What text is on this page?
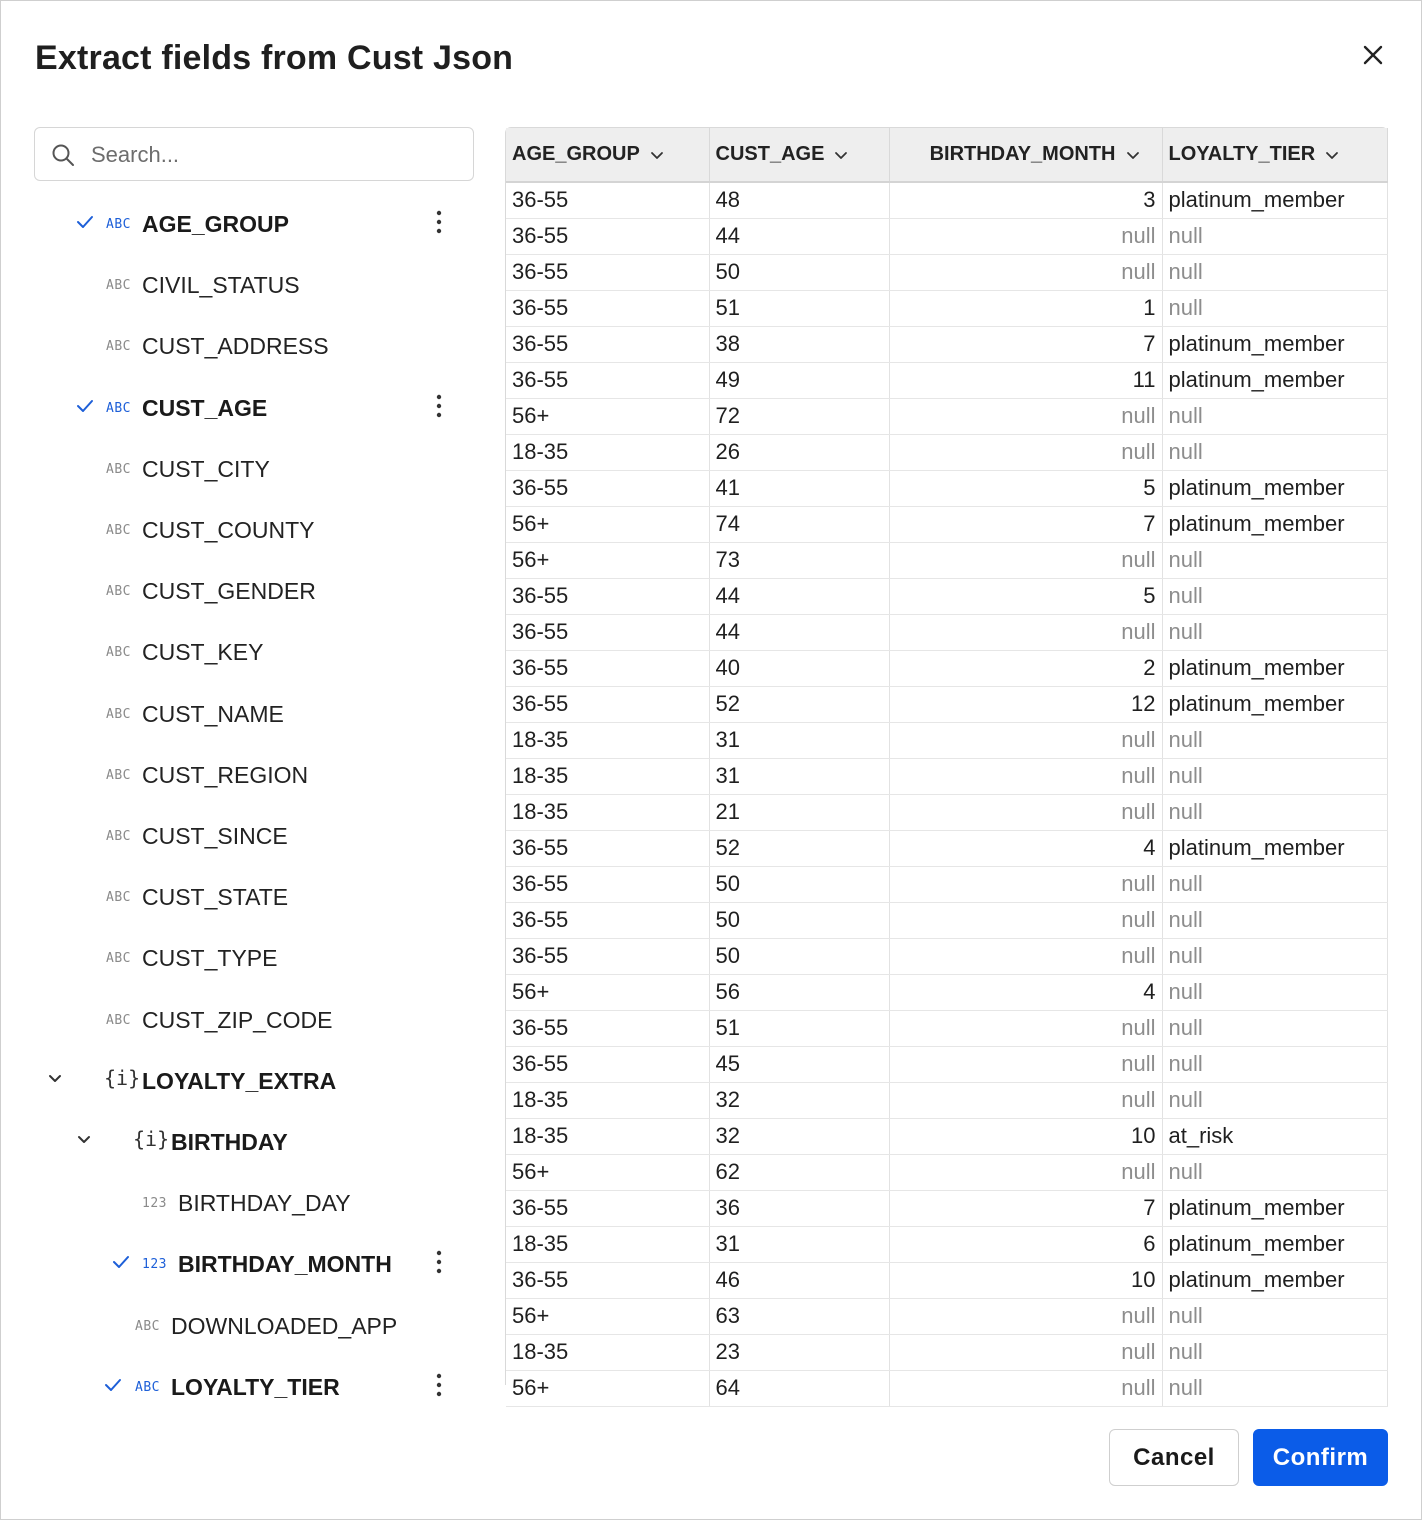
Extract fields from Cust Json
Search...
ABC AGE_GROUP
ABC CIVIL_STATUS
ABC CUST_ADDRESS
ABC CUST_AGE
ABC CUST_CITY
ABC CUST_COUNTY
ABC CUST_GENDER
ABC CUST_KEY
ABC CUST_NAME
ABC CUST_REGION
ABC CUST_SINCE
ABC CUST_STATE
ABC CUST_TYPE
ABC CUST_ZIP_CODE
{i} LOYALTY_EXTRA
{i} BIRTHDAY
123 BIRTHDAY_DAY
123 BIRTHDAY_MONTH
ABC DOWNLOADED_APP
ABC LOYALTY_TIER
AGE_GROUP	CUST_AGE	BIRTHDAY_MONTH	LOYALTY_TIER
36-55	48	3	platinum_member
36-55	44	null	null
36-55	50	null	null
36-55	51	1	null
36-55	38	7	platinum_member
36-55	49	11	platinum_member
56+	72	null	null
18-35	26	null	null
36-55	41	5	platinum_member
56+	74	7	platinum_member
56+	73	null	null
36-55	44	5	null
36-55	44	null	null
36-55	40	2	platinum_member
36-55	52	12	platinum_member
18-35	31	null	null
18-35	31	null	null
18-35	21	null	null
36-55	52	4	platinum_member
36-55	50	null	null
36-55	50	null	null
36-55	50	null	null
56+	56	4	null
36-55	51	null	null
36-55	45	null	null
18-35	32	null	null
18-35	32	10	at_risk
56+	62	null	null
36-55	36	7	platinum_member
18-35	31	6	platinum_member
36-55	46	10	platinum_member
56+	63	null	null
18-35	23	null	null
56+	64	null	null
Cancel	Confirm
